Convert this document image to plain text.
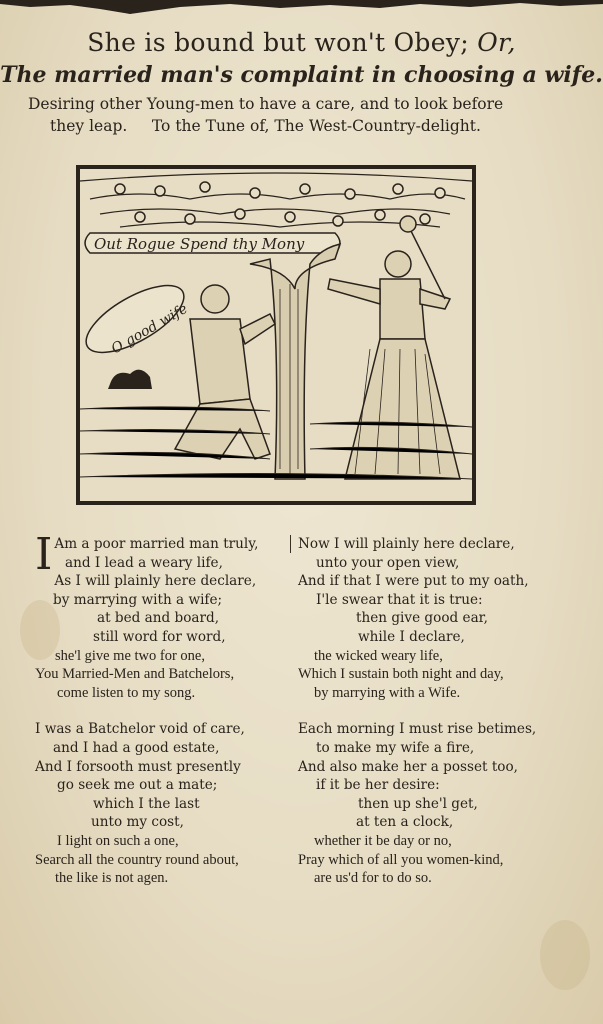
She is bound but won't Obey; Or,
The married man's complaint in choosing a wife.
Desiring other Young-men to have a care, and to look before
they leap.     To the Tune of, The West-Country-delight.
Out Rogue Spend thy Mony
O good wife
I Am a poor married man truly,
and I lead a weary life,
As I will plainly here declare,
by marrying with a wife;
at bed and board,
still word for word,
she'l give me two for one,
You Married-Men and Batchelors,
come listen to my song.
I was a Batchelor void of care,
and I had a good estate,
And I forsooth must presently
go seek me out a mate;
which I the last
unto my cost,
I light on such a one,
Search all the country round about,
the like is not agen.
Now I will plainly here declare,
unto your open view,
And if that I were put to my oath,
I'le swear that it is true:
then give good ear,
while I declare,
the wicked weary life,
Which I sustain both night and day,
by marrying with a Wife.
Each morning I must rise betimes,
to make my wife a fire,
And also make her a posset too,
if it be her desire:
then up she'l get,
at ten a clock,
whether it be day or no,
Pray which of all you women-kind,
are us'd for to do so.
